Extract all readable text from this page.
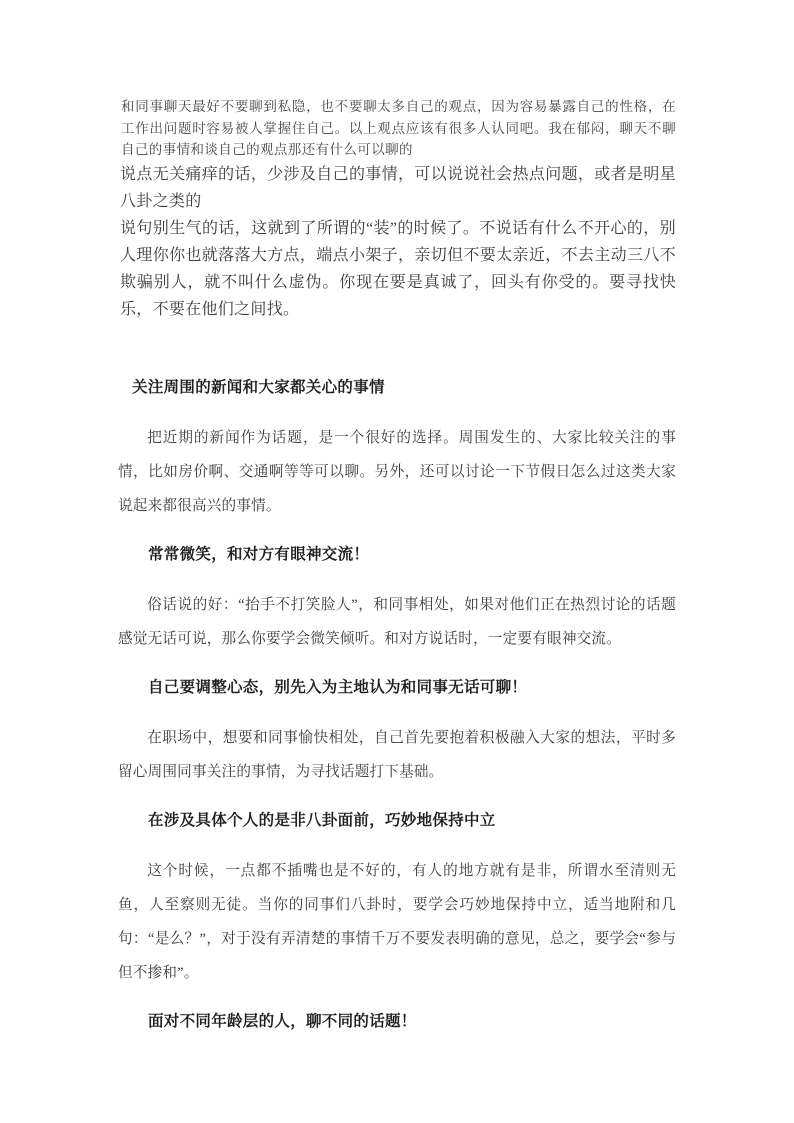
和同事聊天最好不要聊到私隐，也不要聊太多自己的观点，因为容易暴露自己的性格，在工作出问题时容易被人掌握住自己。以上观点应该有很多人认同吧。我在郁闷，聊天不聊自己的事情和谈自己的观点那还有什么可以聊的

说点无关痛痒的话，少涉及自己的事情，可以说说社会热点问题，或者是明星八卦之类的

说句别生气的话，这就到了所谓的“装”的时候了。不说话有什么不开心的，别人理你你也就落落大方点，端点小架子，亲切但不要太亲近，不去主动三八不欺骗别人，就不叫什么虚伪。你现在要是真诚了，回头有你受的。要寻找快乐，不要在他们之间找。

关注周围的新闻和大家都关心的事情

把近期的新闻作为话题，是一个很好的选择。周围发生的、大家比较关注的事情，比如房价啊、交通啊等等可以聊。另外，还可以讨论一下节假日怎么过这类大家说起来都很高兴的事情。

常常微笑，和对方有眼神交流！

俗话说的好：“抬手不打笑脸人”，和同事相处，如果对他们正在热烈讨论的话题感觉无话可说，那么你要学会微笑倾听。和对方说话时，一定要有眼神交流。

自己要调整心态，别先入为主地认为和同事无话可聊！

在职场中，想要和同事愉快相处，自己首先要抱着积极融入大家的想法，平时多留心周围同事关注的事情，为寻找话题打下基础。

在涉及具体个人的是非八卦面前，巧妙地保持中立

这个时候，一点都不插嘴也是不好的，有人的地方就有是非，所谓水至清则无鱼，人至察则无徒。当你的同事们八卦时，要学会巧妙地保持中立，适当地附和几句：“是么？”，对于没有弄清楚的事情千万不要发表明确的意见，总之，要学会“参与但不掺和”。

面对不同年龄层的人，聊不同的话题！
